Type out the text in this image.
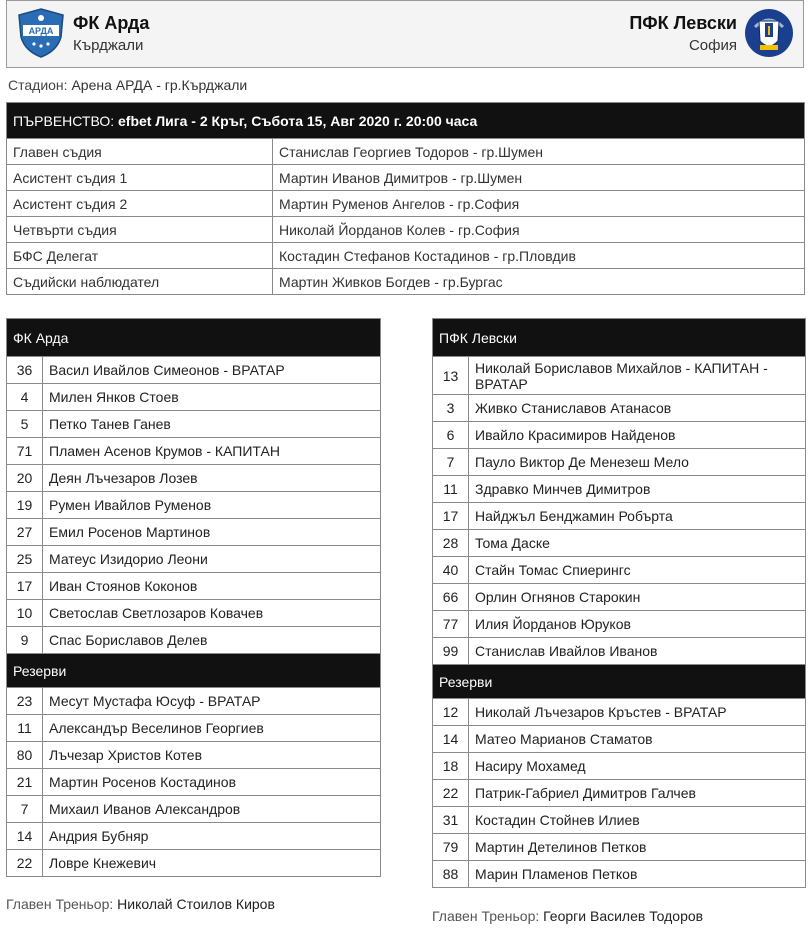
АРДА ФК Арда
Кърджали
ПФК Левски
София
Стадион: Арена АРДА - гр.Кърджали
ПЪРВЕНСТВО: efbet Лига - 2 Кръг, Събота 15, Авг 2020 г. 20:00 часа	
Главен съдия	Станислав Георгиев Тодоров - гр.Шумен
Асистент съдия 1	Мартин Иванов Димитров - гр.Шумен
Асистент съдия 2	Мартин Руменов Ангелов - гр.София
Четвърти съдия	Николай Йорданов Колев - гр.София
БФС Делегат	Костадин Стефанов Костадинов - гр.Пловдив
Съдийски наблюдател	Мартин Живков Богдев - гр.Бургас
ФК Арда	
36	Васил Ивайлов Симеонов - ВРАТАР
4	Милен Янков Стоев
5	Петко Танев Ганев
71	Пламен Асенов Крумов - КАПИТАН
20	Деян Лъчезаров Лозев
19	Румен Ивайлов Руменов
27	Емил Росенов Мартинов
25	Матеус Изидорио Леони
17	Иван Стоянов Коконов
10	Светослав Светлозаров Ковачев
9	Спас Бориславов Делев
Резерви	
23	Месут Мустафа Юсуф - ВРАТАР
11	Александър Веселинов Георгиев
80	Лъчезар Христов Котев
21	Мартин Росенов Костадинов
7	Михаил Иванов Александров
14	Андрия Бубняр
22	Ловре Кнежевич
Главен Треньор: Николай Стоилов Киров
ПФК Левски	
13	Николай Бориславов Михайлов - КАПИТАН - ВРАТАР
3	Живко Станиславов Атанасов
6	Ивайло Красимиров Найденов
7	Пауло Виктор Де Менезеш Мело
11	Здравко Минчев Димитров
17	Найджъл Бенджамин Робърта
28	Тома Даске
40	Стайн Томас Спиерингс
66	Орлин Огнянов Старокин
77	Илия Йорданов Юруков
99	Станислав Ивайлов Иванов
Резерви	
12	Николай Лъчезаров Кръстев - ВРАТАР
14	Матео Марианов Стаматов
18	Насиру Мохамед
22	Патрик-Габриел Димитров Галчев
31	Костадин Стойнев Илиев
79	Мартин Детелинов Петков
88	Марин Пламенов Петков
Главен Треньор: Георги Василев Тодоров
